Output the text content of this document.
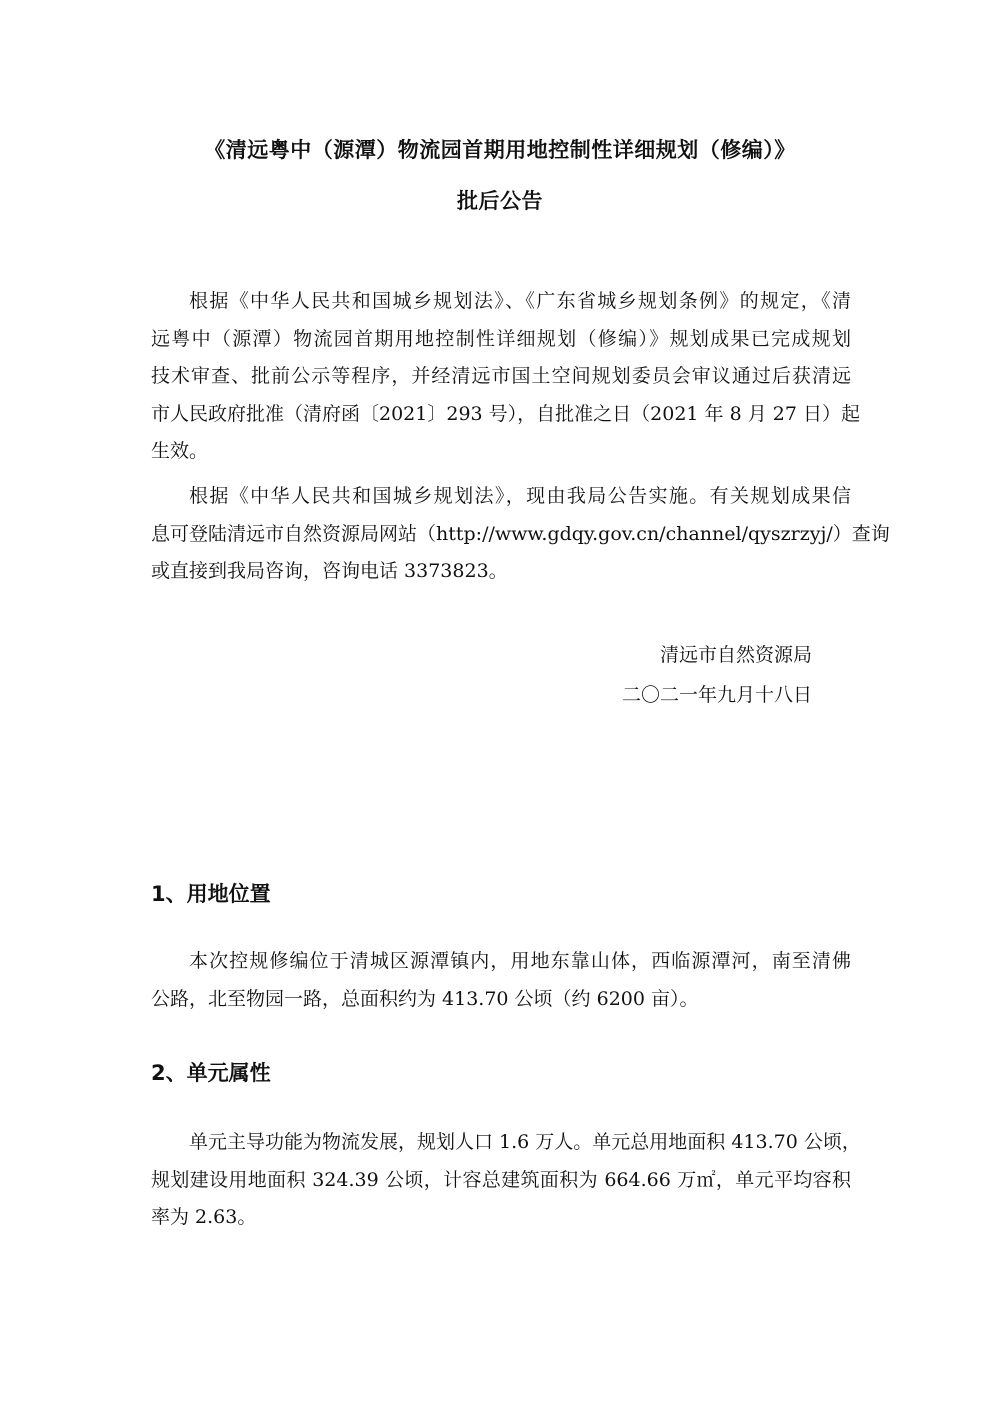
《清远粤中（源潭）物流园首期用地控制性详细规划（修编）》
批后公告
根据《中华人民共和国城乡规划法》、《广东省城乡规划条例》的规定，《清
远粤中（源潭）物流园首期用地控制性详细规划（修编）》规划成果已完成规划
技术审查、批前公示等程序，并经清远市国土空间规划委员会审议通过后获清远
市人民政府批准（清府函〔2021〕293 号），自批准之日（2021 年 8 月 27 日）起
生效。
根据《中华人民共和国城乡规划法》，现由我局公告实施。有关规划成果信
息可登陆清远市自然资源局网站（http://www.gdqy.gov.cn/channel/qyszrzyj/）查询
或直接到我局咨询，咨询电话 3373823。
清远市自然资源局
二〇二一年九月十八日
1、用地位置
本次控规修编位于清城区源潭镇内，用地东靠山体，西临源潭河，南至清佛
公路，北至物园一路，总面积约为 413.70 公顷（约 6200 亩）。
2、单元属性
单元主导功能为物流发展，规划人口 1.6 万人。单元总用地面积 413.70 公顷，
规划建设用地面积 324.39 公顷，计容总建筑面积为 664.66 万㎡，单元平均容积
率为 2.63。
